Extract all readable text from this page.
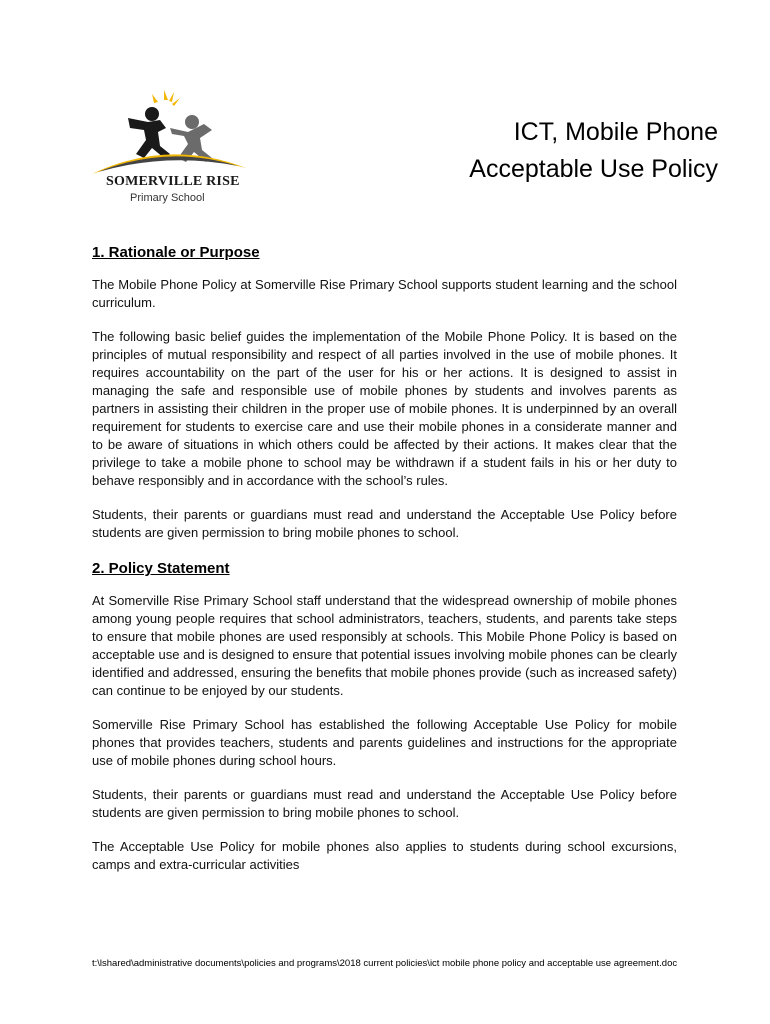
SOMERVILLE RISE
Primary School
ICT, Mobile Phone
Acceptable Use Policy
1. Rationale or Purpose

The Mobile Phone Policy at Somerville Rise Primary School supports student learning and the school curriculum.

The following basic belief guides the implementation of the Mobile Phone Policy. It is based on the principles of mutual responsibility and respect of all parties involved in the use of mobile phones. It requires accountability on the part of the user for his or her actions. It is designed to assist in managing the safe and responsible use of mobile phones by students and involves parents as partners in assisting their children in the proper use of mobile phones. It is underpinned by an overall requirement for students to exercise care and use their mobile phones in a considerate manner and to be aware of situations in which others could be affected by their actions. It makes clear that the privilege to take a mobile phone to school may be withdrawn if a student fails in his or her duty to behave responsibly and in accordance with the school’s rules.

Students, their parents or guardians must read and understand the Acceptable Use Policy before students are given permission to bring mobile phones to school.

2. Policy Statement

At Somerville Rise Primary School staff understand that the widespread ownership of mobile phones among young people requires that school administrators, teachers, students, and parents take steps to ensure that mobile phones are used responsibly at schools. This Mobile Phone Policy is based on acceptable use and is designed to ensure that potential issues involving mobile phones can be clearly identified and addressed, ensuring the benefits that mobile phones provide (such as increased safety) can continue to be enjoyed by our students.

Somerville Rise Primary School has established the following Acceptable Use Policy for mobile phones that provides teachers, students and parents guidelines and instructions for the appropriate use of mobile phones during school hours.

Students, their parents or guardians must read and understand the Acceptable Use Policy before students are given permission to bring mobile phones to school.

The Acceptable Use Policy for mobile phones also applies to students during school excursions, camps and extra-curricular activities

t:\lshared\administrative documents\policies and programs\2018 current policies\ict mobile phone policy and acceptable use agreement.doc
